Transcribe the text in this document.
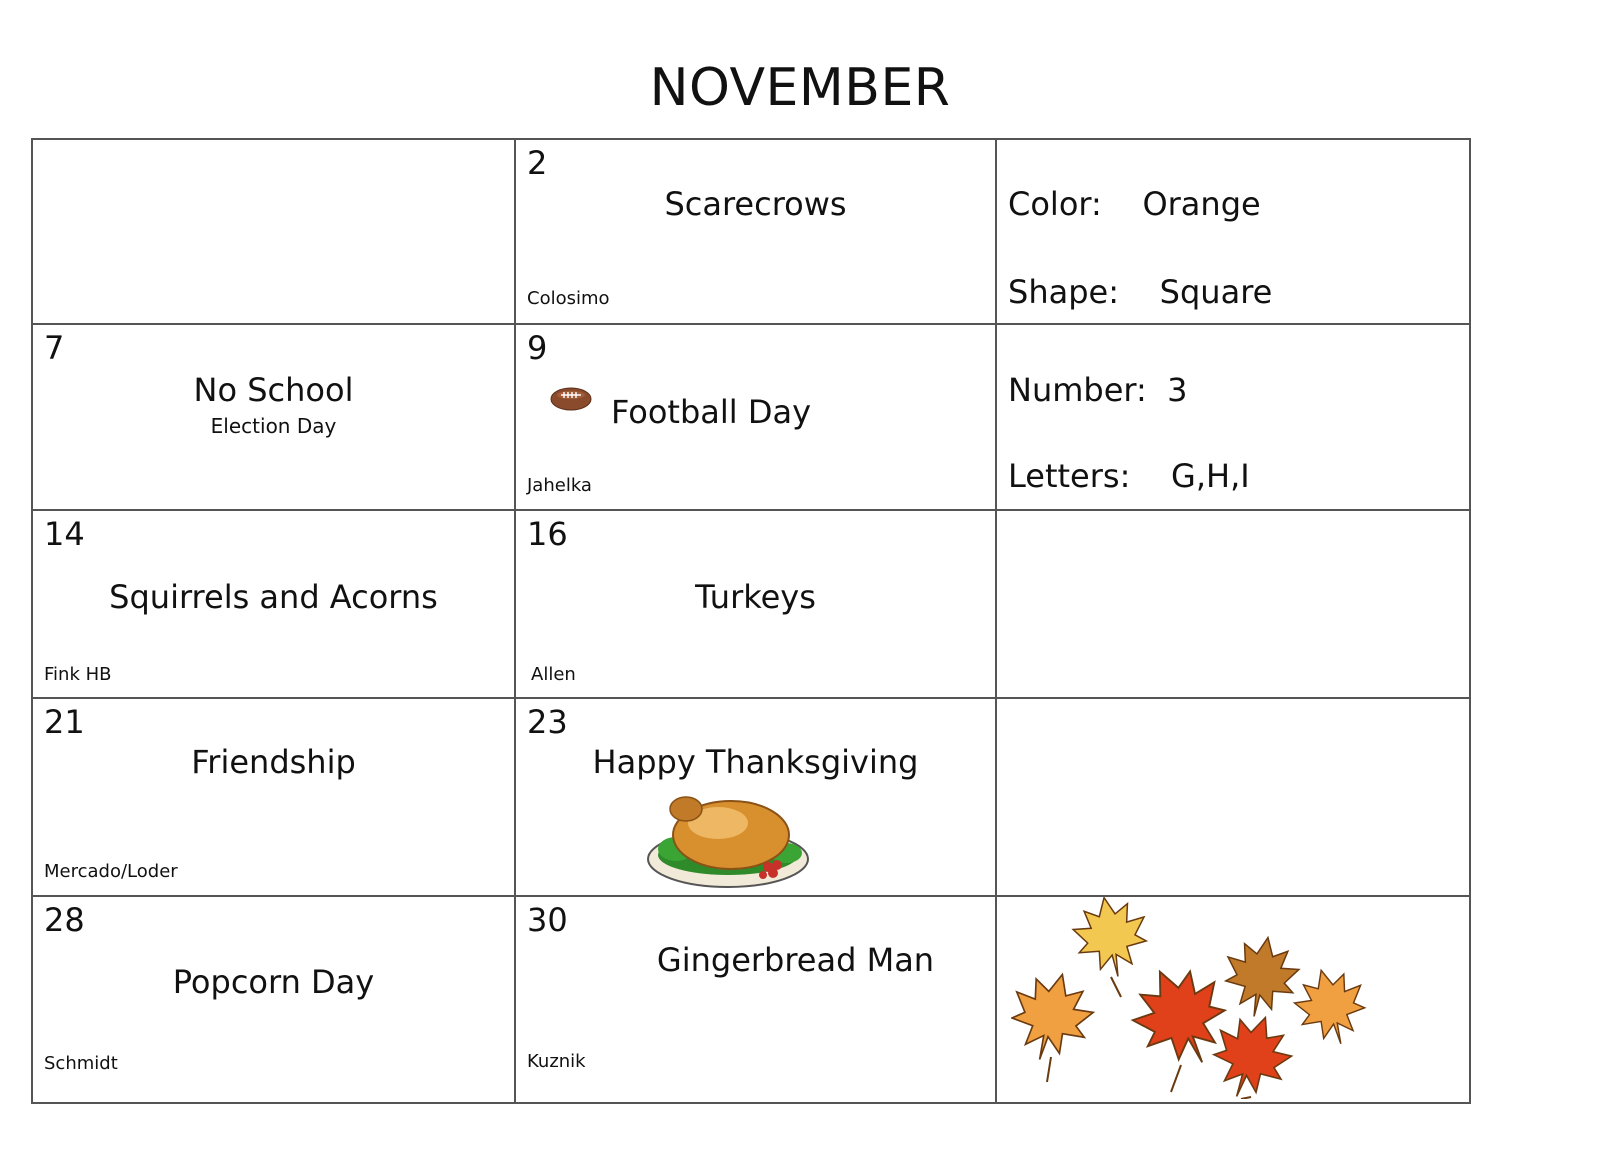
NOVEMBER
2
Scarecrows
Colosimo
Color: Orange
Shape: Square
7
No School
Election Day
9
Football Day
Jahelka
Number: 3
Letters: G,H,I
14
Squirrels and Acorns
Fink HB
16
Turkeys
Allen
21
Friendship
Mercado/Loder
23
Happy Thanksgiving
28
Popcorn Day
Schmidt
30
Gingerbread Man
Kuznik
